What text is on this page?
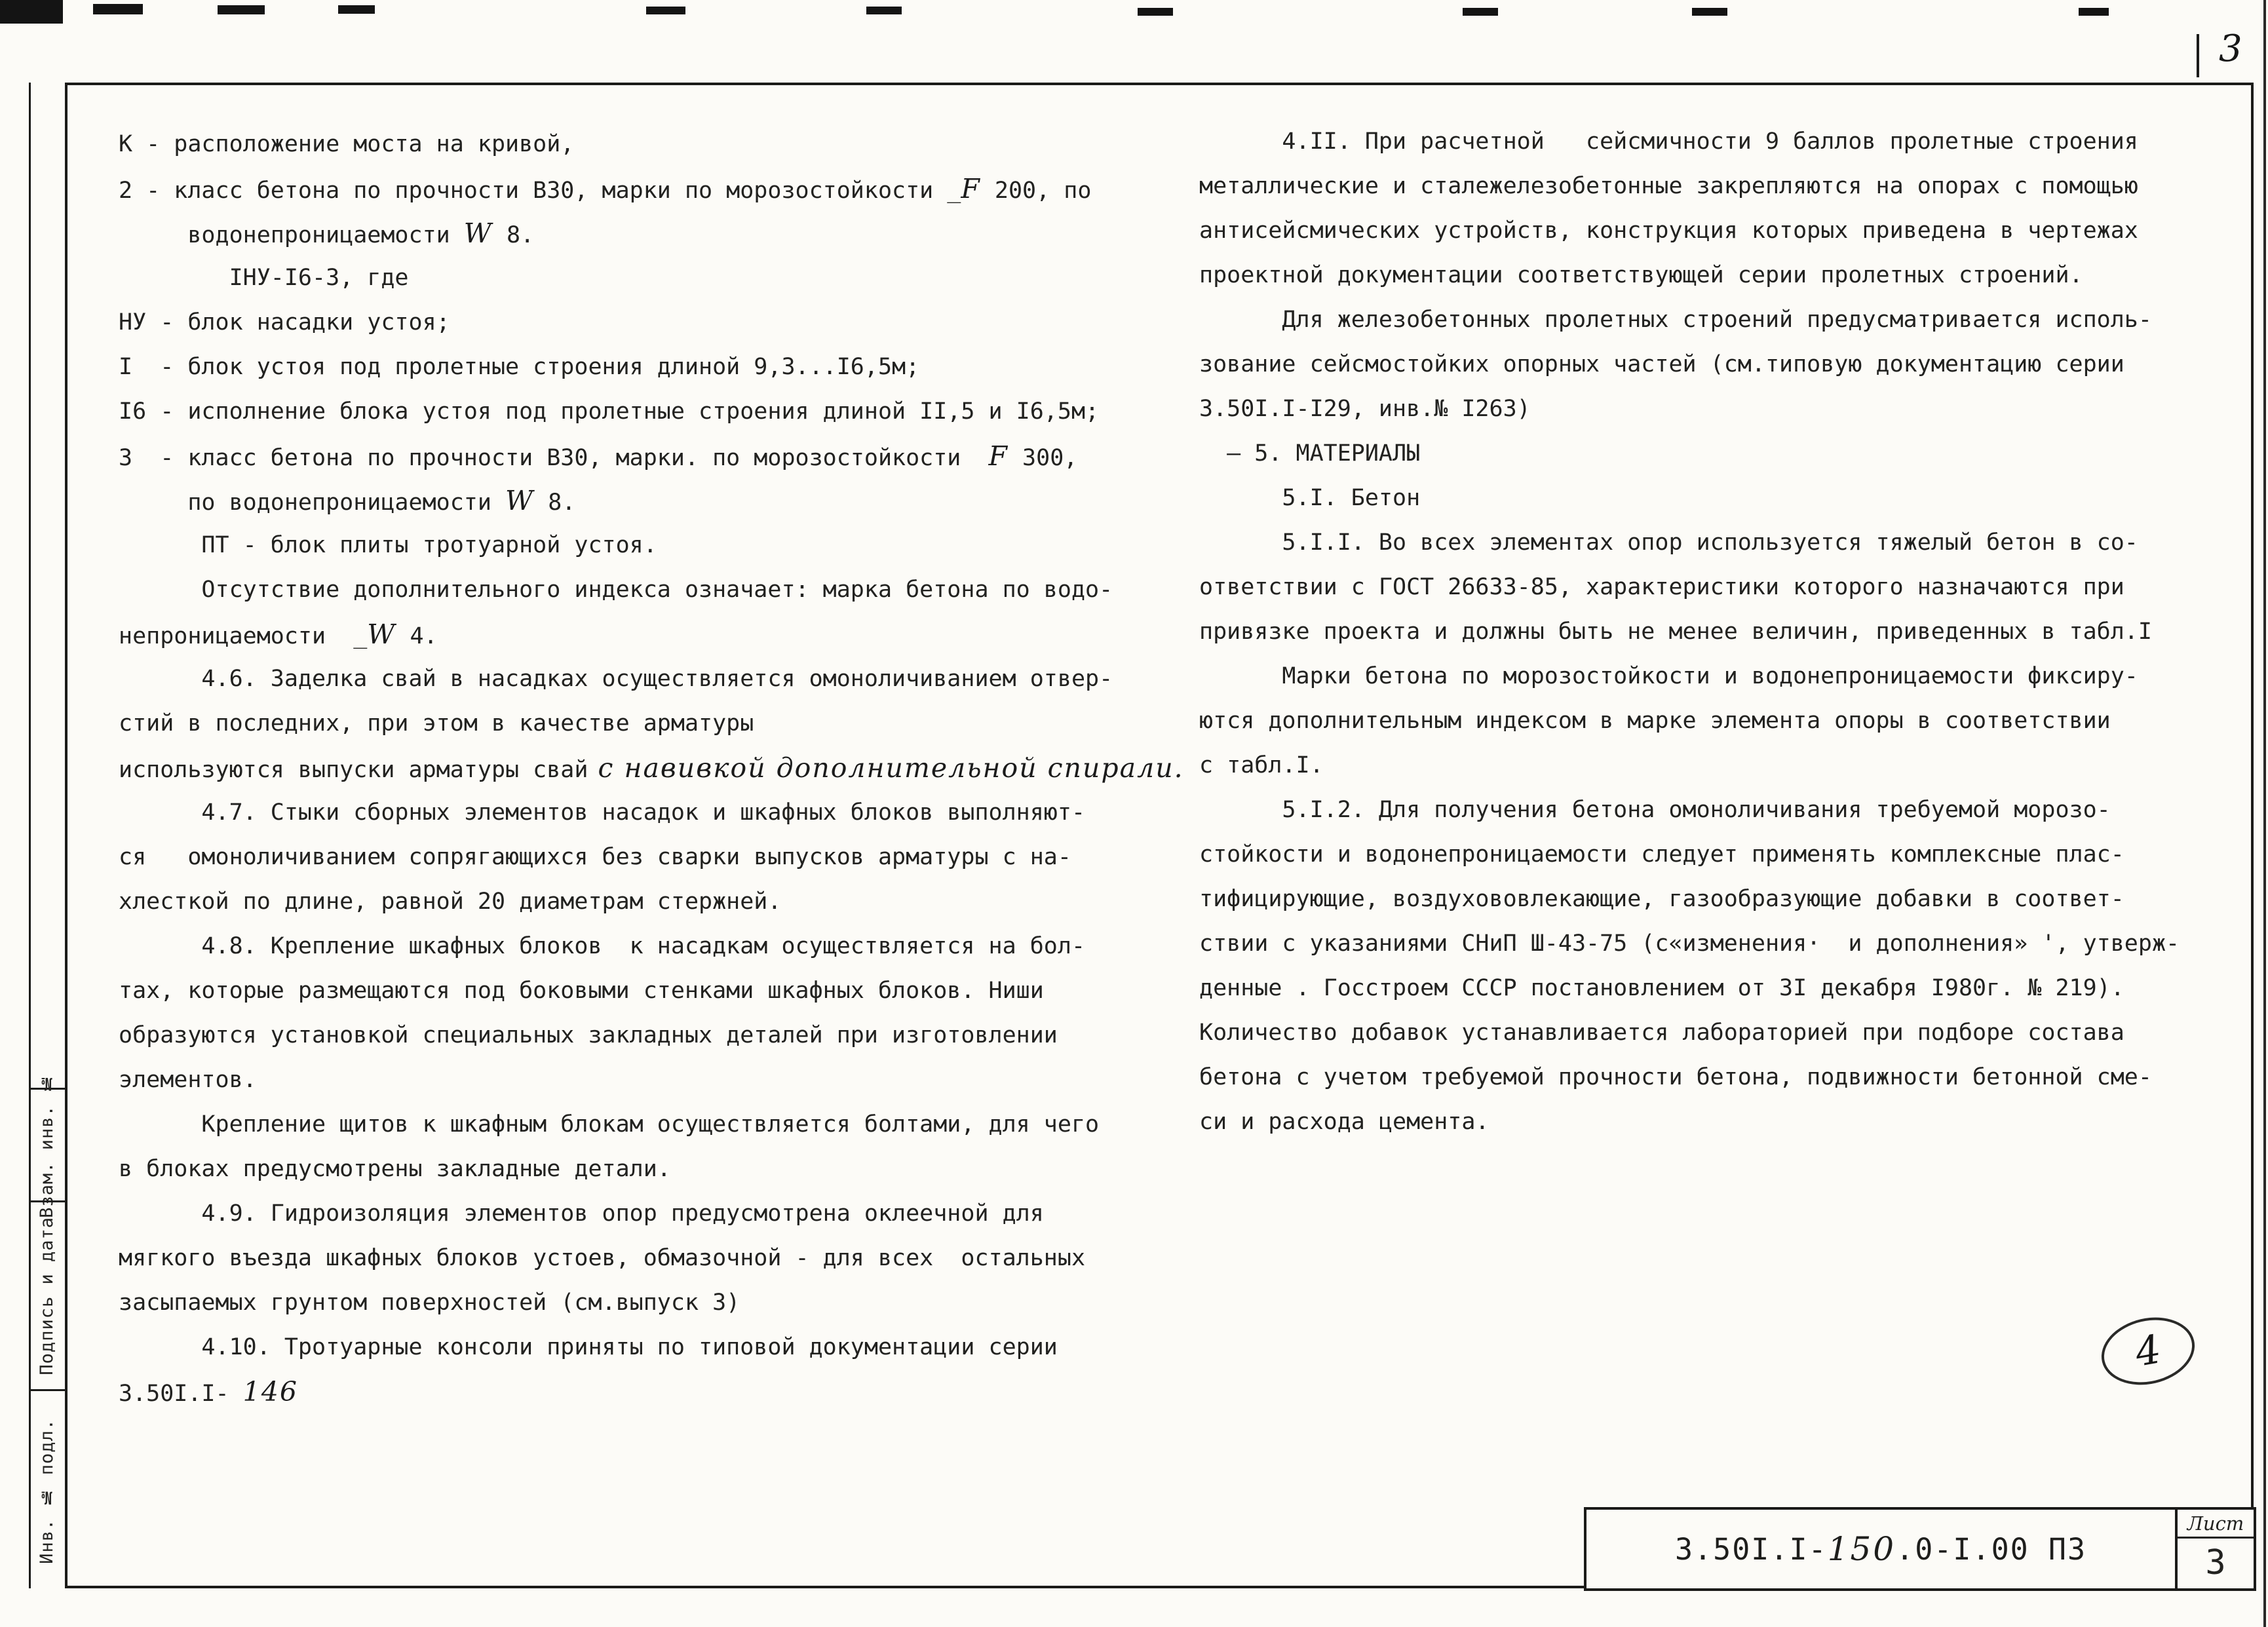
Взам. инв. №
Подпись и дата
Инв. № подл.
3
К - расположение моста на кривой,
2 - класс бетона по прочности В30, марки по морозостойкости _F 200, по
водонепроницаемости W 8.
IНУ-I6-3, где
НУ - блок насадки устоя;
I  - блок устоя под пролетные строения длиной 9,3...I6,5м;
I6 - исполнение блока устоя под пролетные строения длиной II,5 и I6,5м;
3  - класс бетона по прочности В30, марки. по морозостойкости  F 300,
по водонепроницаемости W 8.
ПТ - блок плиты тротуарной устоя.
Отсутствие дополнительного индекса означает: марка бетона по водо-
непроницаемости  _W 4.
4.6. Заделка свай в насадках осуществляется омоноличиванием отвер-
стий в последних, при этом в качестве арматуры
используются выпуски арматуры свай с навивкой дополнительной спирали.
4.7. Стыки сборных элементов насадок и шкафных блоков выполняют-
ся   омоноличиванием сопрягающихся без сварки выпусков арматуры с на-
хлесткой по длине, равной 20 диаметрам стержней.
4.8. Крепление шкафных блоков  к насадкам осуществляется на бол-
тах, которые размещаются под боковыми стенками шкафных блоков. Ниши
образуются установкой специальных закладных деталей при изготовлении
элементов.
Крепление щитов к шкафным блокам осуществляется болтами, для чего
в блоках предусмотрены закладные детали.
4.9. Гидроизоляция элементов опор предусмотрена оклеечной для
мягкого въезда шкафных блоков устоев, обмазочной - для всех  остальных
засыпаемых грунтом поверхностей (см.выпуск 3)
4.10. Тротуарные консоли приняты по типовой документации серии
3.50I.I- 146
4.II. При расчетной   сейсмичности 9 баллов пролетные строения
металлические и сталежелезобетонные закрепляются на опорах с помощью
антисейсмических устройств, конструкция которых приведена в чертежах
проектной документации соответствующей серии пролетных строений.
Для железобетонных пролетных строений предусматривается исполь-
зование сейсмостойких опорных частей (см.типовую документацию серии
3.50I.I-I29, инв.№ I263)
– 5. МАТЕРИАЛЫ
5.I. Бетон
5.I.I. Во всех элементах опор используется тяжелый бетон в со-
ответствии с ГОСТ 26633-85, характеристики которого назначаются при
привязке проекта и должны быть не менее величин, приведенных в табл.I
Марки бетона по морозостойкости и водонепроницаемости фиксиру-
ются дополнительным индексом в марке элемента опоры в соответствии
с табл.I.
5.I.2. Для получения бетона омоноличивания требуемой морозо-
стойкости и водонепроницаемости следует применять комплексные плас-
тифицирующие, воздуховoвлекающие, газообразующие добавки в соответ-
ствии с указаниями СНиП Ш-43-75 (с«изменения·  и дополнения» ', утверж-
денные . Госстроем СССР постановлением от 3I декабря I980г. № 219).
Количество добавок устанавливается лабораторией при подборе состава
бетона с учетом требуемой прочности бетона, подвижности бетонной сме-
си и расхода цемента.
4
3.50I.I- 150 .0-I.00 ПЗ
Лист
3
